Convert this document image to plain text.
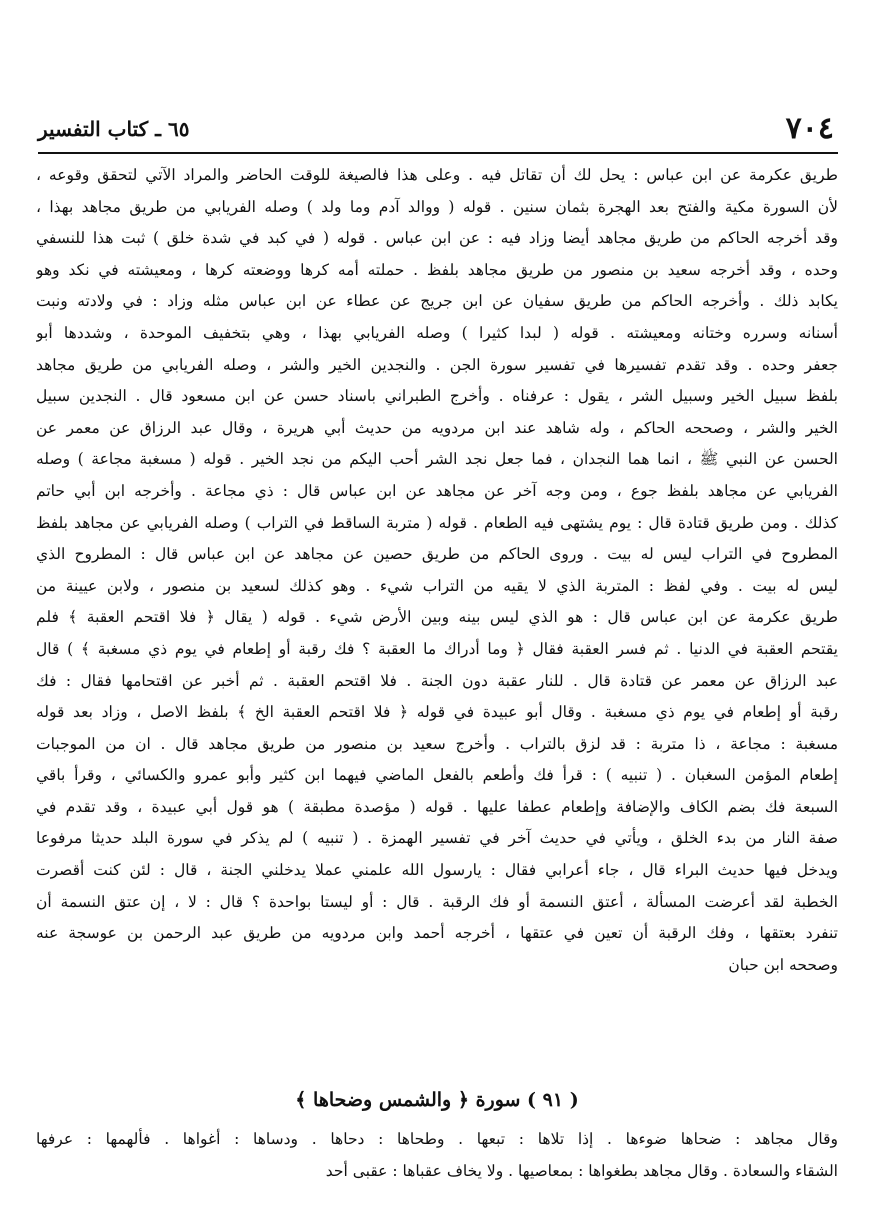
٧٠٤
٦٥ ـ كتاب التفسير
طريق عكرمة عن ابن عباس : يحل لك أن تقاتل فيه . وعلى هذا فالصيغة للوقت الحاضر والمراد الآتي لتحقق وقوعه ،
لأن السورة مكية والفتح بعد الهجرة بثمان سنين . قوله ( ووالد آدم وما ولد ) وصله الفريابي من طريق مجاهد بهذا ،
وقد أخرجه الحاكم من طريق مجاهد أيضا وزاد فيه : عن ابن عباس . قوله ( في كبد في شدة خلق ) ثبت هذا للنسفي
وحده ، وقد أخرجه سعيد بن منصور من طريق مجاهد بلفظ . حملته أمه كرها ووضعته كرها ، ومعيشته في نكد وهو
يكابد ذلك . وأخرجه الحاكم من طريق سفيان عن ابن جريج عن عطاء عن ابن عباس مثله وزاد : في ولادته ونبت
أسنانه وسرره وختانه ومعيشته . قوله ( لبدا كثيرا ) وصله الفريابي بهذا ، وهي بتخفيف الموحدة ، وشددها أبو
جعفر وحده . وقد تقدم تفسيرها في تفسير سورة الجن . والنجدين الخير والشر ، وصله الفريابي من طريق مجاهد
بلفظ سبيل الخير وسبيل الشر ، يقول : عرفناه . وأخرج الطبراني باسناد حسن عن ابن مسعود قال . النجدين سبيل
الخير والشر ، وصححه الحاكم ، وله شاهد عند ابن مردويه من حديث أبي هريرة ، وقال عبد الرزاق عن معمر عن
الحسن عن النبي ﷺ ، انما هما النجدان ، فما جعل نجد الشر أحب اليكم من نجد الخير . قوله ( مسغبة مجاعة ) وصله
الفريابي عن مجاهد بلفظ جوع ، ومن وجه آخر عن مجاهد عن ابن عباس قال : ذي مجاعة . وأخرجه ابن أبي حاتم
كذلك . ومن طريق قتادة قال : يوم يشتهى فيه الطعام . قوله ( متربة الساقط في التراب ) وصله الفريابي عن مجاهد بلفظ
المطروح في التراب ليس له بيت . وروى الحاكم من طريق حصين عن مجاهد عن ابن عباس قال : المطروح الذي
ليس له بيت . وفي لفظ : المتربة الذي لا يقيه من التراب شيء . وهو كذلك لسعيد بن منصور ، ولابن عيينة من
طريق عكرمة عن ابن عباس قال : هو الذي ليس بينه وبين الأرض شيء . قوله ( يقال ﴿ فلا اقتحم العقبة ﴾ فلم
يقتحم العقبة في الدنيا . ثم فسر العقبة فقال ﴿ وما أدراك ما العقبة ؟ فك رقبة أو إطعام في يوم ذي مسغبة ﴾ ) قال
عبد الرزاق عن معمر عن قتادة قال . للنار عقبة دون الجنة . فلا اقتحم العقبة . ثم أخبر عن اقتحامها فقال : فك
رقبة أو إطعام في يوم ذي مسغبة . وقال أبو عبيدة في قوله ﴿ فلا اقتحم العقبة الخ ﴾ بلفظ الاصل ، وزاد بعد قوله
مسغبة : مجاعة ، ذا متربة : قد لزق بالتراب . وأخرج سعيد بن منصور من طريق مجاهد قال . ان من الموجبات
إطعام المؤمن السغبان . ( تنبيه ) : قرأ فك وأطعم بالفعل الماضي فيهما ابن كثير وأبو عمرو والكسائي ، وقرأ باقي
السبعة فك بضم الكاف والإضافة وإطعام عطفا عليها . قوله ( مؤصدة مطبقة ) هو قول أبي عبيدة ، وقد تقدم في
صفة النار من بدء الخلق ، ويأتي في حديث آخر في تفسير الهمزة . ( تنبيه ) لم يذكر في سورة البلد حديثا مرفوعا
ويدخل فيها حديث البراء قال ، جاء أعرابي فقال : يارسول الله علمني عملا يدخلني الجنة ، قال : لئن كنت أقصرت
الخطبة لقد أعرضت المسألة ، أعتق النسمة أو فك الرقبة . قال : أو ليستا بواحدة ؟ قال : لا ، إن عتق النسمة أن
تنفرد بعتقها ، وفك الرقبة أن تعين في عتقها ، أخرجه أحمد وابن مردويه من طريق عبد الرحمن بن عوسجة عنه
وصححه ابن حبان
( ٩١ ) سورة ﴿ والشمس وضحاها ﴾
وقال مجاهد : ضحاها ضوءها . إذا تلاها : تبعها . وطحاها : دحاها . ودساها : أغواها . فألهمها : عرفها
الشقاء والسعادة . وقال مجاهد بطغواها : بمعاصيها . ولا يخاف عقباها : عقبى أحد
